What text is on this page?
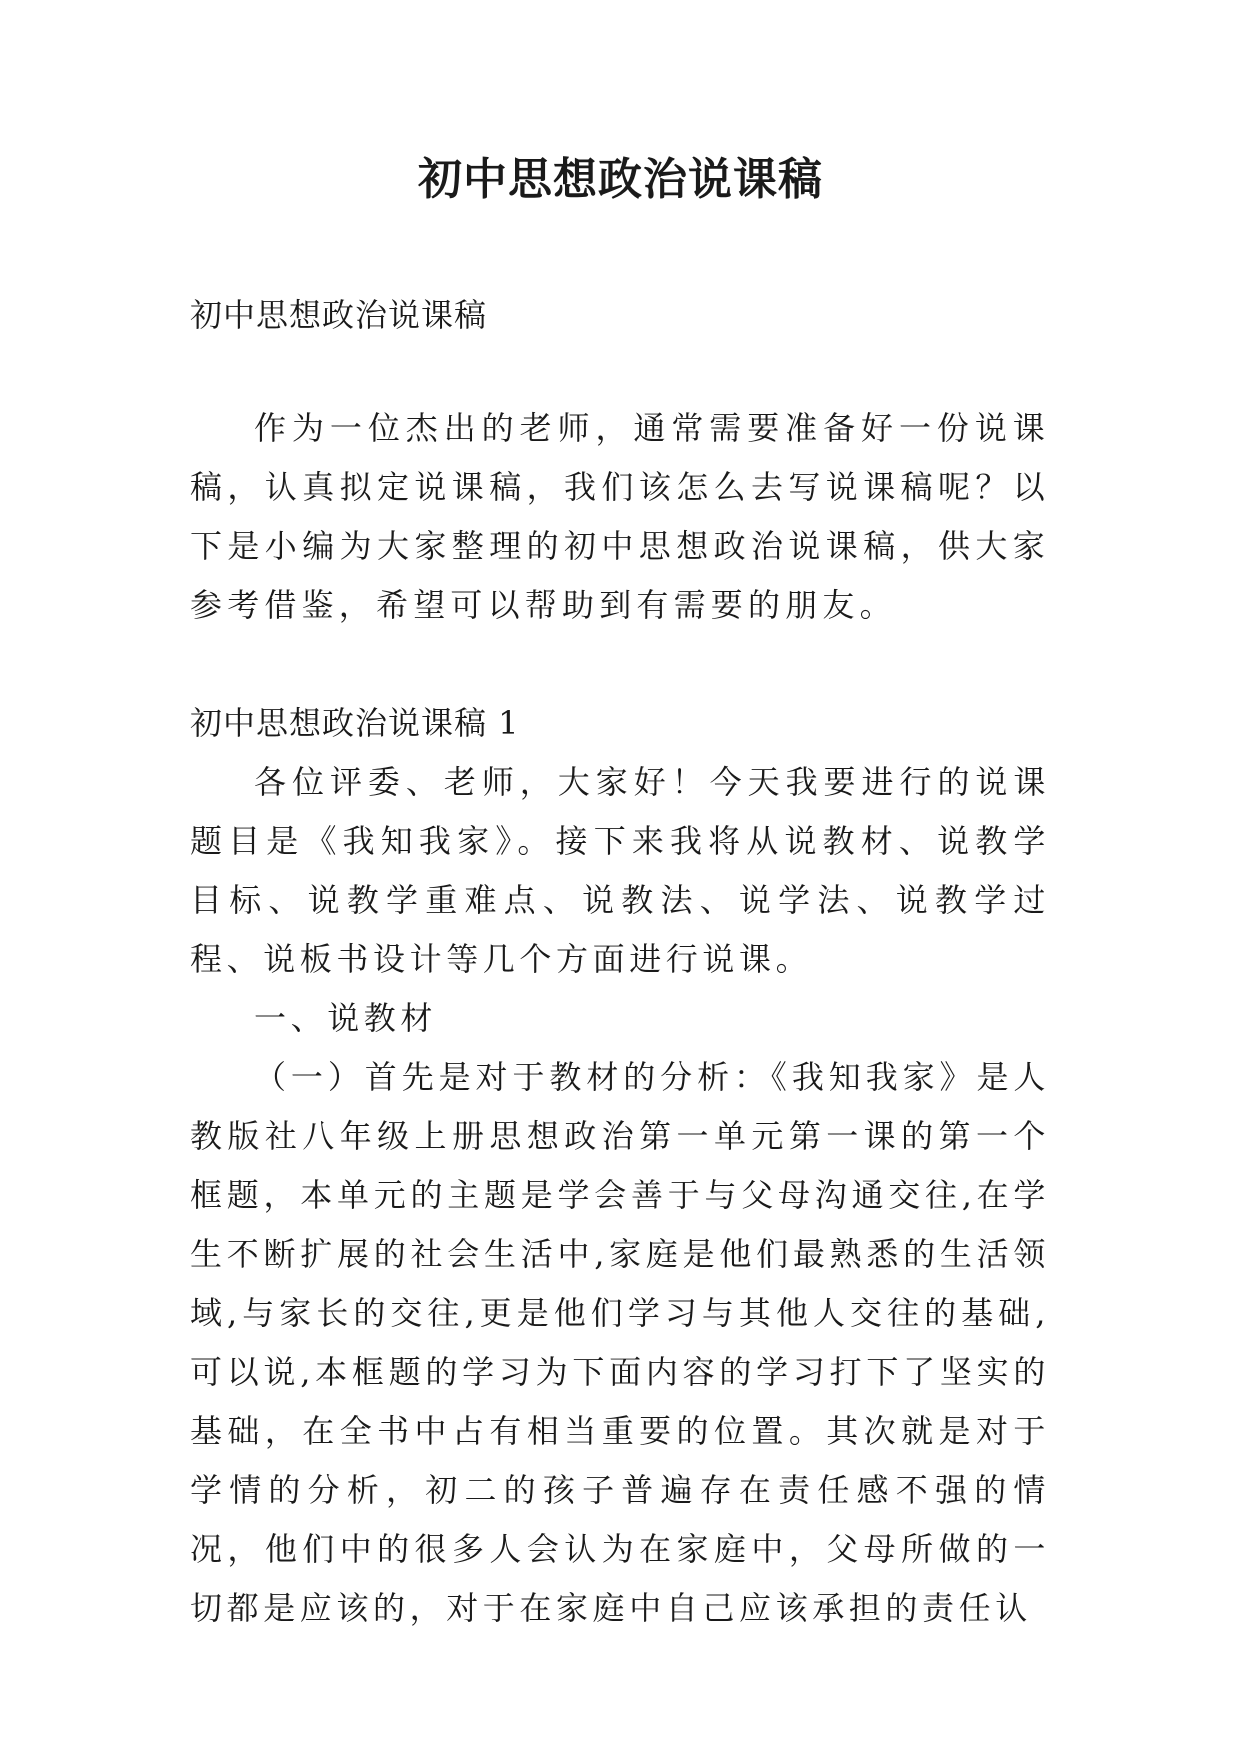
初中思想政治说课稿

初中思想政治说课稿

作为一位杰出的老师，通常需要准备好一份说课稿，认真拟定说课稿，我们该怎么去写说课稿呢？以下是小编为大家整理的初中思想政治说课稿，供大家参考借鉴，希望可以帮助到有需要的朋友。

初中思想政治说课稿 1

各位评委、老师，大家好！今天我要进行的说课题目是《我知我家》。接下来我将从说教材、说教学目标、说教学重难点、说教法、说学法、说教学过程、说板书设计等几个方面进行说课。

一、说教材

（一）首先是对于教材的分析：《我知我家》是人教版社八年级上册思想政治第一单元第一课的第一个框题，本单元的主题是学会善于与父母沟通交往,在学生不断扩展的社会生活中,家庭是他们最熟悉的生活领域,与家长的交往,更是他们学习与其他人交往的基础,可以说,本框题的学习为下面内容的学习打下了坚实的基础，在全书中占有相当重要的位置。其次就是对于学情的分析，初二的孩子普遍存在责任感不强的情况，他们中的很多人会认为在家庭中，父母所做的一切都是应该的，对于在家庭中自己应该承担的责任认
